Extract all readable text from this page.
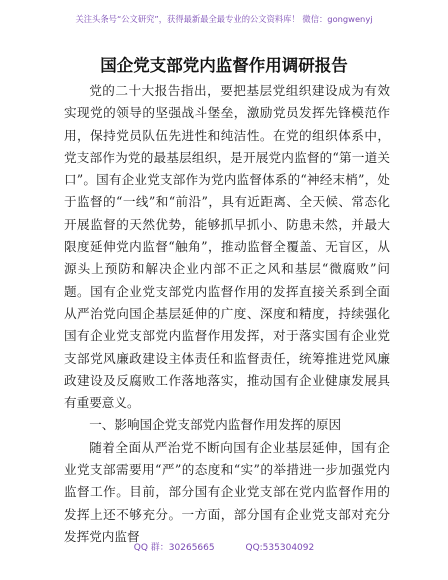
关注头条号“公文研究”，获得最新最全最专业的公文资料库！ 微信：gongwenyj
国企党支部党内监督作用调研报告

党的二十大报告指出，要把基层党组织建设成为有效实现党的领导的坚强战斗堡垒，激励党员发挥先锋模范作用，保持党员队伍先进性和纯洁性。在党的组织体系中，党支部作为党的最基层组织，是开展党内监督的“第一道关口”。国有企业党支部作为党内监督体系的“神经末梢”，处于监督的“一线”和“前沿”，具有近距离、全天候、常态化开展监督的天然优势，能够抓早抓小、防患未然，并最大限度延伸党内监督“触角”，推动监督全覆盖、无盲区，从源头上预防和解决企业内部不正之风和基层“微腐败”问题。国有企业党支部党内监督作用的发挥直接关系到全面从严治党向国企基层延伸的广度、深度和精度，持续强化国有企业党支部党内监督作用发挥，对于落实国有企业党支部党风廉政建设主体责任和监督责任，统筹推进党风廉政建设及反腐败工作落地落实，推动国有企业健康发展具有重要意义。

一、影响国企党支部党内监督作用发挥的原因

随着全面从严治党不断向国有企业基层延伸，国有企业党支部需要用“严”的态度和“实”的举措进一步加强党内监督工作。目前，部分国有企业党支部在党内监督作用的发挥上还不够充分。一方面，部分国有企业党支部对充分发挥党内监督

QQ 群：30265665	QQ:535304092
